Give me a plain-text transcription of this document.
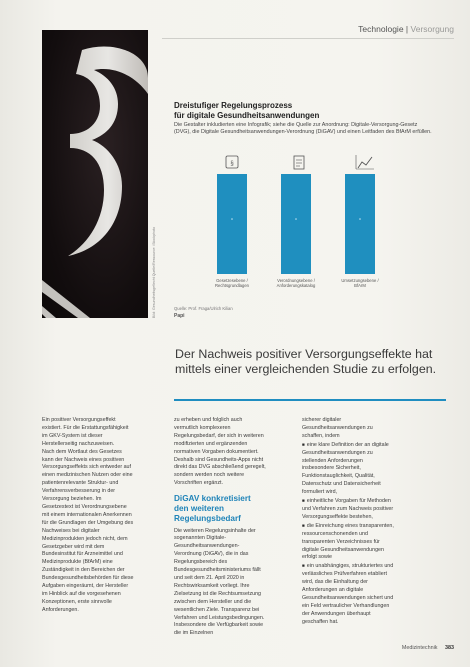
Technologie | Versorgung
Bild: Gesundheitsgeflecht Quelle/Ressource: iStockphoto
Dreistufiger Regelungsprozess
für digitale Gesundheitsanwendungen
Die Gestalter inkludierten eine Infografik; siehe die Quelle zur Anordnung: Digitale-Versorgung-Gesetz (DVG), die Digitale Gesundheitsanwendungen-Verordnung (DiGAV) und einen Leitfaden des BfArM erfüllen.
§
Gesetzesebene / Rechtsgrundlagen
Verordnungsebene / Anforderungskatalog
Umsetzungsebene / BfArM
Quelle: Prof. Fraga/Ulrich Kilian
Papi
Der Nachweis positiver Versorgungseffekte hat mittels einer vergleichenden Studie zu erfolgen.

Ein positiver Versorgungseffekt existiert. Für die Erstattungsfähigkeit im GKV-System ist dieser Herstellerseitig nachzuweisen.

Nach dem Wortlaut des Gesetzes kann der Nachweis eines positiven Versorgungseffekts sich entweder auf einen medizinischen Nutzen oder eine patientenrelevante Struktur- und Verfahrensverbesserung in der Versorgung beziehen. Im Gesetzestext ist Verordnungsebene mit einem internationalen Anerkennen für die Grundlagen der Umgebung des Nachweises bei digitaler Medizinprodukten jedoch nicht, dem Gesetzgeber wird mit dem Bundesinstitut für Arzneimittel und Medizinprodukte (BfArM) eine Zuständigkeit in den Bereichen der Bundesgesundheitsbehörden für diese Aufgaben eingeräumt, der Hersteller im Hinblick auf die vorgesehenen Konzeptionen, erste sinnvolle Anforderungen.

zu erheben und folglich auch vermutlich komplexeren Regelungsbedarf, der sich in weiteren modifizierten und ergänzenden normativen Vorgaben dokumentiert. Deshalb sind Gesundheits-Apps nicht direkt das DVG abschließend geregelt, sondern werden noch weitere Vorschriften ergänzt.

DiGAV konkretisiert den weiteren Regelungsbedarf

Die weiteren Regelungsinhalte der sogenannten Digitale-Gesundheitsanwendungen-Verordnung (DiGAV), die in das Regelungsbereich des Bundesgesundheitsministeriums fällt und seit dem 21. April 2020 in Rechtswirksamkeit vorliegt. Ihre Zielsetzung ist die Rechtsumsetzung zwischen dem Hersteller und die wesentlichen Ziele. Transparenz bei Verfahren und Leistungsbedingungen. Insbesondere die Verfügbarkeit sowie die im Einzelnen

sicherer digitaler Gesundheitsanwendungen zu schaffen, indem

■ eine klare Definition der an digitale Gesundheitsanwendungen zu stellenden Anforderungen insbesondere Sicherheit, Funktionstauglichkeit, Qualität, Datenschutz und Datensicherheit formuliert wird,

■ einheitliche Vorgaben für Methoden und Verfahren zum Nachweis positiver Versorgungseffekte bestehen,

■ die Einreichung eines transparenten, ressourcenschonenden und transparenten Verzeichnisses für digitale Gesundheitsanwendungen erfolgt sowie

■ ein unabhängiges, strukturiertes und verlässliches Prüfverfahren etabliert wird, das die Einhaltung der Anforderungen an digitale Gesundheitsanwendungen sichert und ein Feld vertraulicher Verhandlungen der Anwendungen überhaupt geschaffen hat.

Medizintechnik 383
